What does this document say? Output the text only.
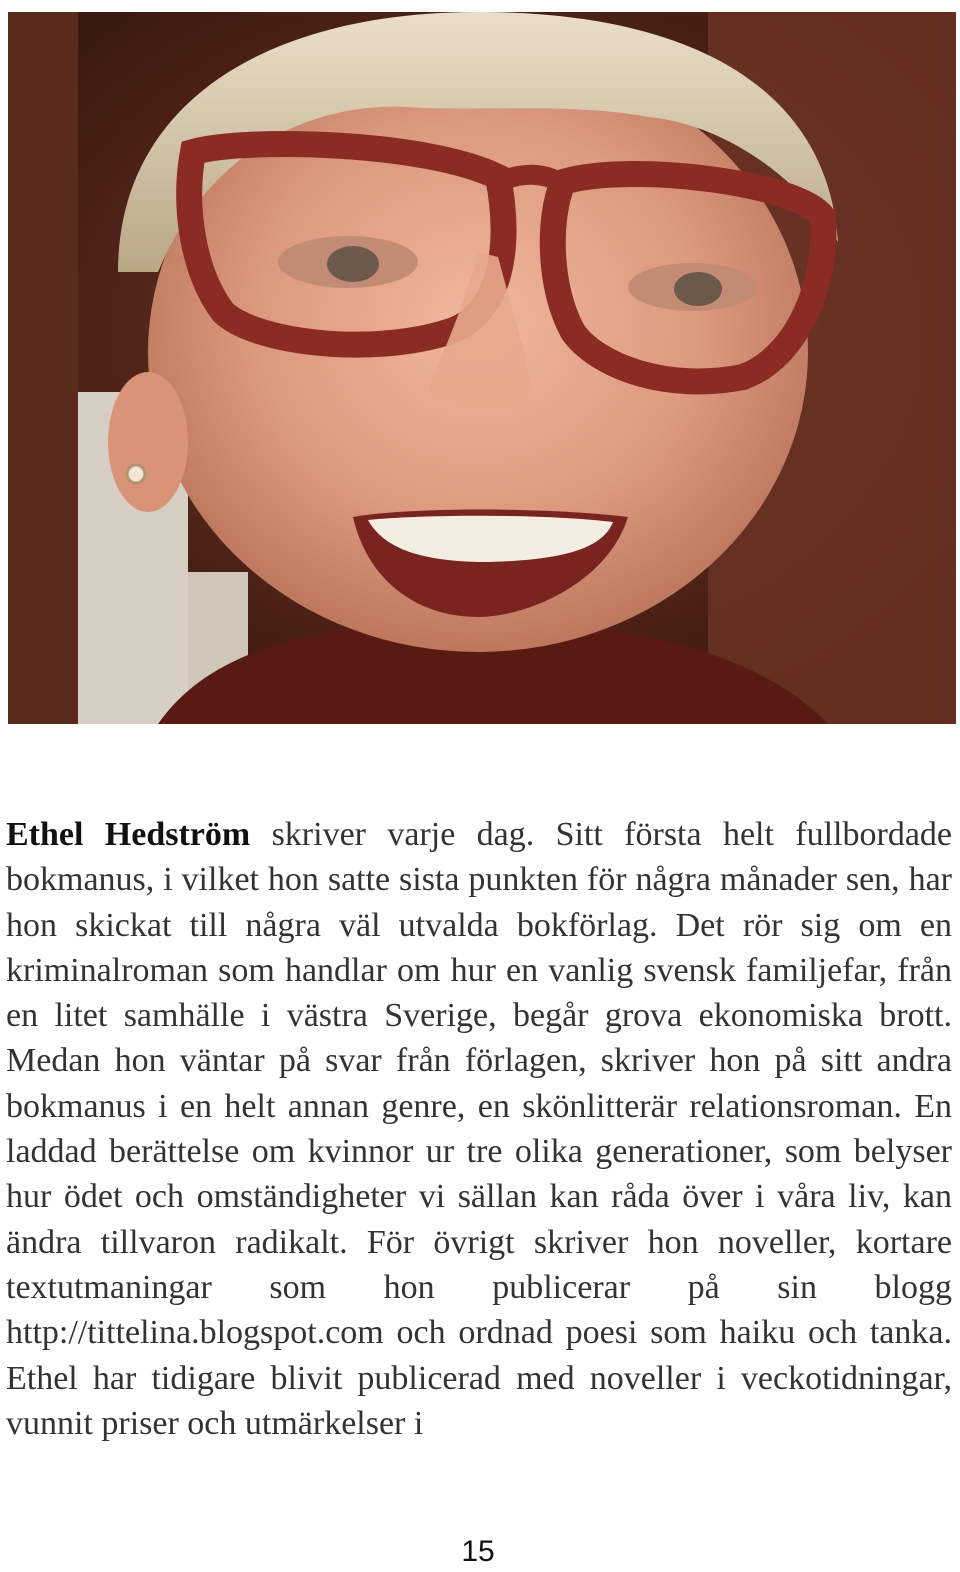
Ethel Hedström skriver varje dag. Sitt första helt fullbordade bokmanus, i vilket hon satte sista punkten för några månader sen, har hon skickat till några väl utvalda bokförlag. Det rör sig om en kriminalroman som handlar om hur en vanlig svensk familjefar, från en litet samhälle i västra Sverige, begår grova ekonomiska brott. Medan hon väntar på svar från förlagen, skriver hon på sitt andra bokmanus i en helt annan genre, en skönlitterär relationsroman. En laddad berättelse om kvinnor ur tre olika generationer, som belyser hur ödet och omständigheter vi sällan kan råda över i våra liv, kan ändra tillvaron radikalt. För övrigt skriver hon noveller, kortare textutmaningar som hon publicerar på sin blogg http://tittelina.blogspot.com och ordnad poesi som haiku och tanka. Ethel har tidigare blivit publicerad med noveller i veckotidningar, vunnit priser och utmärkelser i

15
